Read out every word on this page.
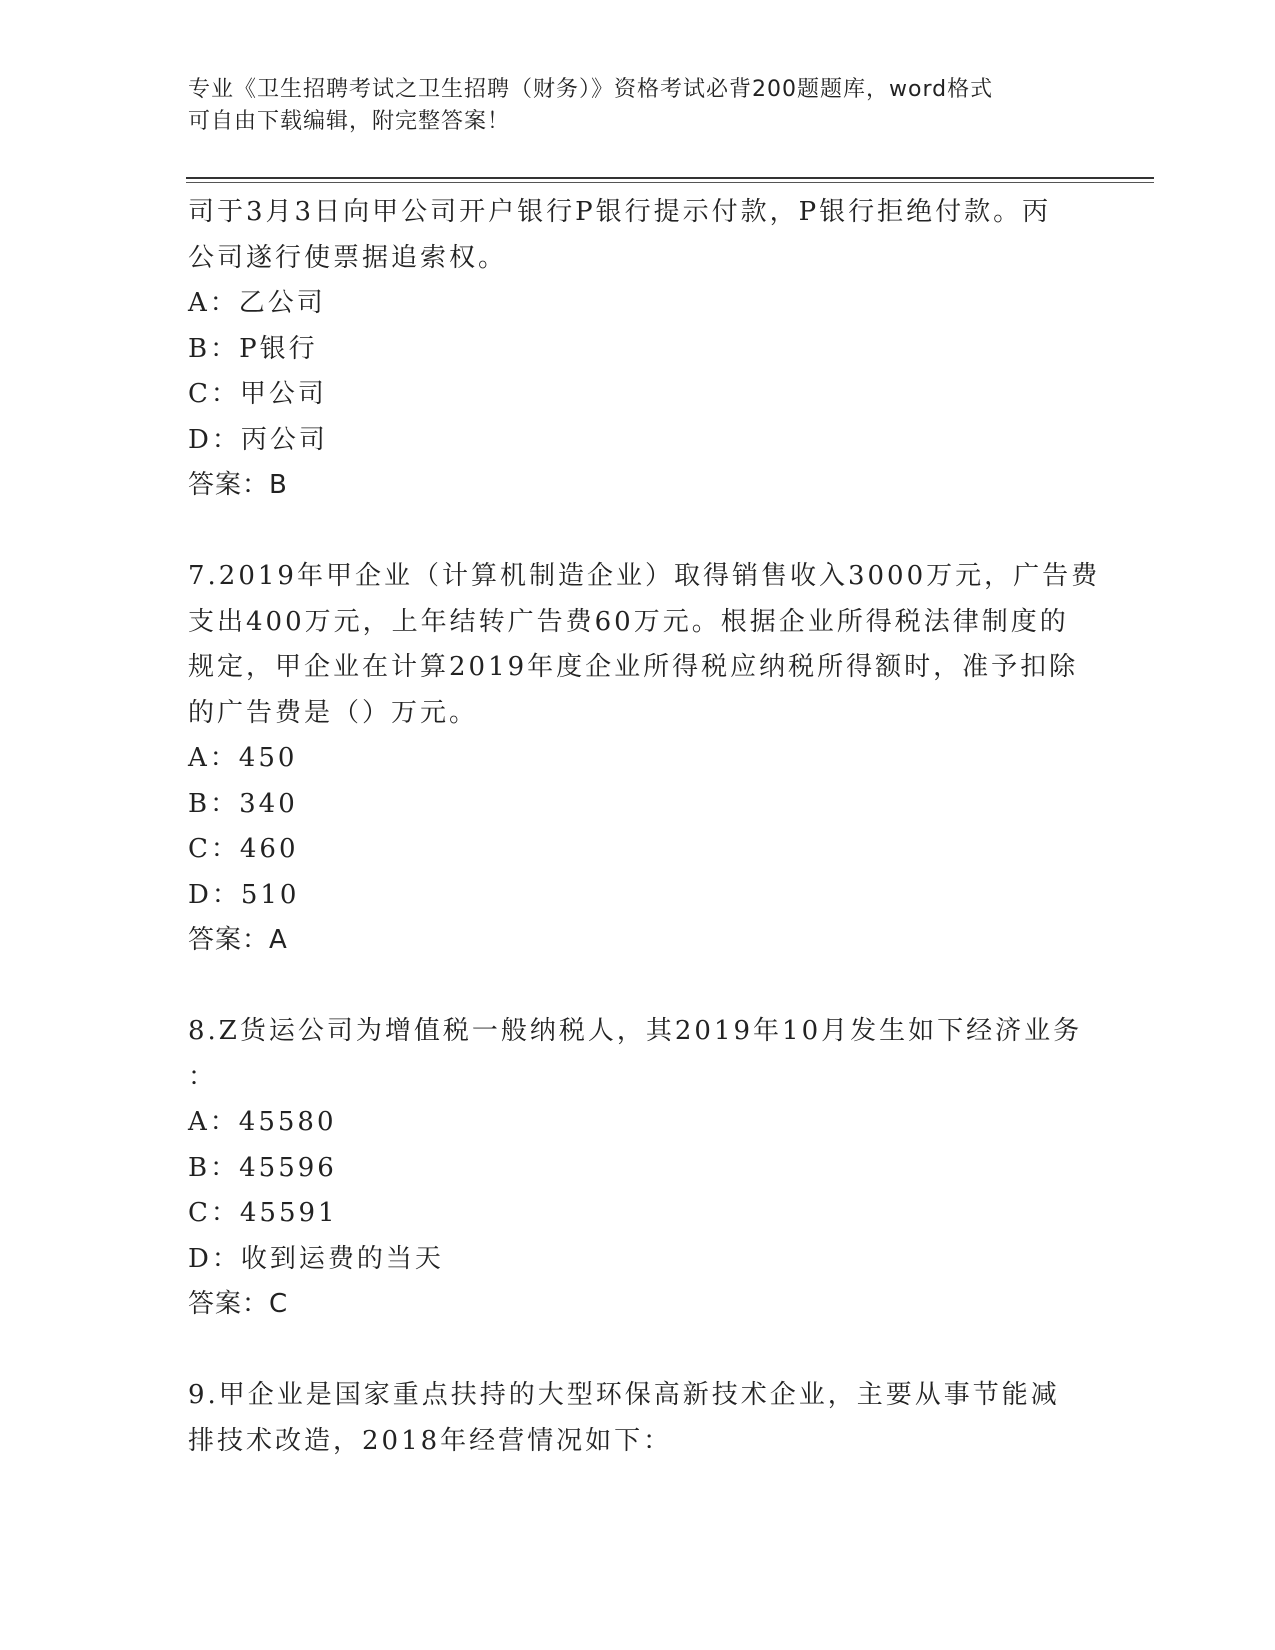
专业《卫生招聘考试之卫生招聘（财务）》资格考试必背200题题库，word格式
可自由下载编辑，附完整答案！
司于3月3日向甲公司开户银行P银行提示付款，P银行拒绝付款。丙
公司遂行使票据追索权。
A：乙公司
B：P银行
C：甲公司
D：丙公司
答案：B
7.2019年甲企业（计算机制造企业）取得销售收入3000万元，广告费
支出400万元，上年结转广告费60万元。根据企业所得税法律制度的
规定，甲企业在计算2019年度企业所得税应纳税所得额时，准予扣除
的广告费是（）万元。
A：450
B：340
C：460
D：510
答案：A
8.Z货运公司为增值税一般纳税人，其2019年10月发生如下经济业务
：
A：45580
B：45596
C：45591
D：收到运费的当天
答案：C
9.甲企业是国家重点扶持的大型环保高新技术企业，主要从事节能减
排技术改造，2018年经营情况如下：
